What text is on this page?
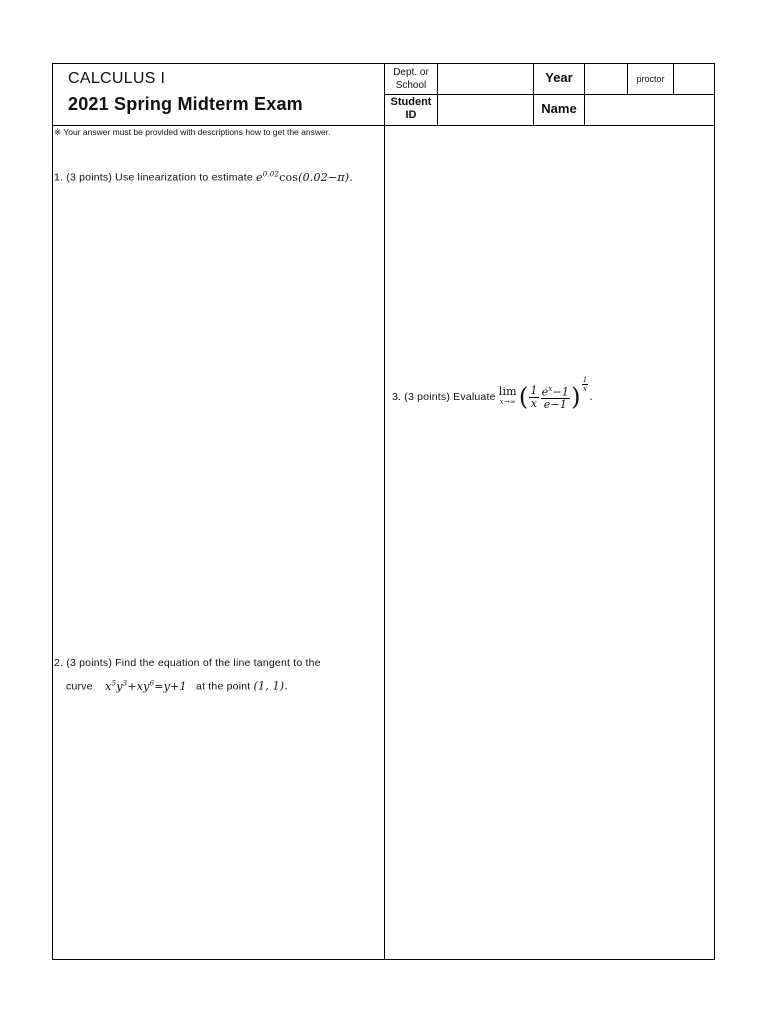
CALCULUS I
2021 Spring Midterm Exam
Dept. or School
Year	proctor
Student ID	Name
※ Your answer must be provided with descriptions how to get the answer.
1. (3 points) Use linearization to estimate $e^{0.02}\cos(0.02-\pi)$.
2. (3 points) Find the equation of the line tangent to the
curve $x^5y^3+xy^6=y+1$ at the point (1, 1).
3. (3 points) Evaluate lim
x→∞ ( $\frac{1}{x} \frac{e^x-1}{e-1}$ ) $^{\frac{1}{x}}$
.
